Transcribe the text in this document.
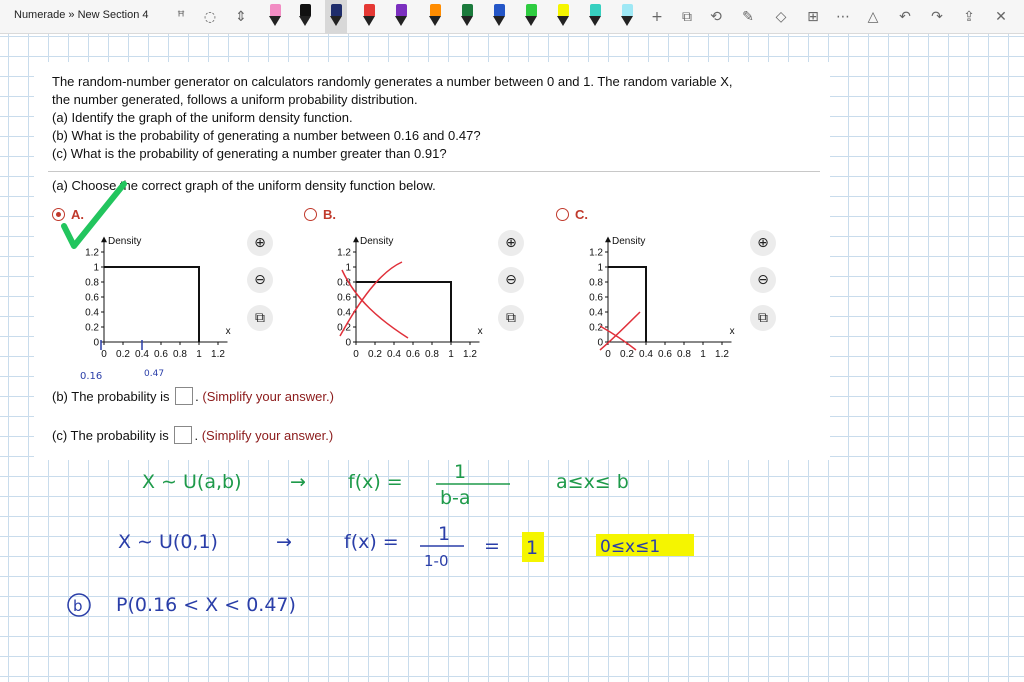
Numerade » New Section 4	ꟸ	◌	⇕	+	⧉	⟲	✎	◇	⊞	⋯	△	↶	↷	⇪	✕
The random-number generator on calculators randomly generates a number between 0 and 1. The random variable X,
the number generated, follows a uniform probability distribution.
(a) Identify the graph of the uniform density function.
(b) What is the probability of generating a number between 0.16 and 0.47?
(c) What is the probability of generating a number greater than 0.91?
(a) Choose the correct graph of the uniform density function below.
A.	B.	C.
Density
x
1.2
1
0.8
0.6
0.4
0.2
0
0 0.2 0.4 0.6 0.8 1 1.2
Density
x
1.2
1
0.8
0.6
0.4
0.2
0
0 0.2 0.4 0.6 0.8 1 1.2
Density
x
1.2
1
0.8
0.6
0.4
0.2
0
0 0.2 0.4 0.6 0.8 1 1.2
⊕
⊖
⧉
⊕
⊖
⧉
⊕
⊖
⧉
(b) The probability is . (Simplify your answer.)
(c) The probability is . (Simplify your answer.)
0.16	0.47
X ∼ U(a,b)	→ f(x) =	1
b-a
a≤x≤ b
X ∼ U(0,1)	→	f(x) = 1
1-0
= 1	0≤x≤1
b P(0.16 < X < 0.47)
